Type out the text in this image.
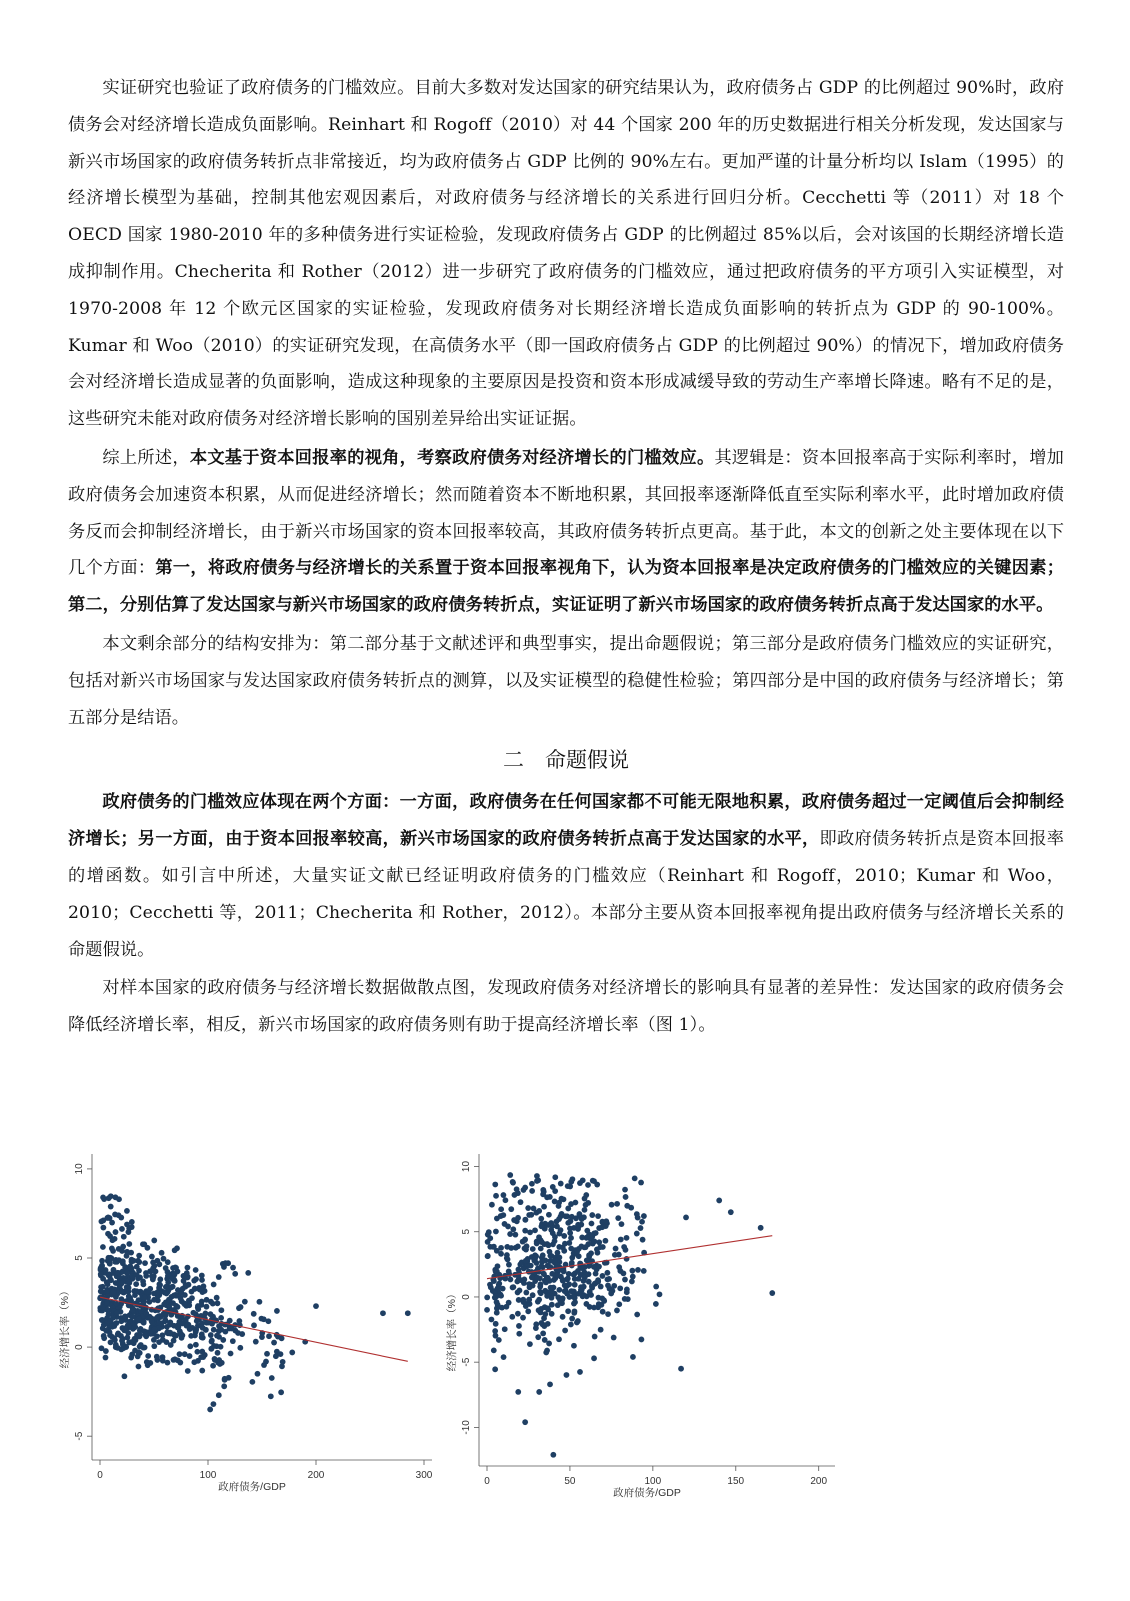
实证研究也验证了政府债务的门槛效应。目前大多数对发达国家的研究结果认为，政府债务占 GDP 的比例超过 90%时，政府债务会对经济增长造成负面影响。Reinhart 和 Rogoff（2010）对 44 个国家 200 年的历史数据进行相关分析发现，发达国家与新兴市场国家的政府债务转折点非常接近，均为政府债务占 GDP 比例的 90%左右。更加严谨的计量分析均以 Islam（1995）的经济增长模型为基础，控制其他宏观因素后，对政府债务与经济增长的关系进行回归分析。Cecchetti 等（2011）对 18 个 OECD 国家 1980-2010 年的多种债务进行实证检验，发现政府债务占 GDP 的比例超过 85%以后，会对该国的长期经济增长造成抑制作用。Checherita 和 Rother（2012）进一步研究了政府债务的门槛效应，通过把政府债务的平方项引入实证模型，对 1970-2008 年 12 个欧元区国家的实证检验，发现政府债务对长期经济增长造成负面影响的转折点为 GDP 的 90-100%。Kumar 和 Woo（2010）的实证研究发现，在高债务水平（即一国政府债务占 GDP 的比例超过 90%）的情况下，增加政府债务会对经济增长造成显著的负面影响，造成这种现象的主要原因是投资和资本形成减缓导致的劳动生产率增长降速。略有不足的是，这些研究未能对政府债务对经济增长影响的国别差异给出实证证据。

综上所述，本文基于资本回报率的视角，考察政府债务对经济增长的门槛效应。其逻辑是：资本回报率高于实际利率时，增加政府债务会加速资本积累，从而促进经济增长；然而随着资本不断地积累，其回报率逐渐降低直至实际利率水平，此时增加政府债务反而会抑制经济增长，由于新兴市场国家的资本回报率较高，其政府债务转折点更高。基于此，本文的创新之处主要体现在以下几个方面：第一，将政府债务与经济增长的关系置于资本回报率视角下，认为资本回报率是决定政府债务的门槛效应的关键因素；第二，分别估算了发达国家与新兴市场国家的政府债务转折点，实证证明了新兴市场国家的政府债务转折点高于发达国家的水平。

本文剩余部分的结构安排为：第二部分基于文献述评和典型事实，提出命题假说；第三部分是政府债务门槛效应的实证研究，包括对新兴市场国家与发达国家政府债务转折点的测算，以及实证模型的稳健性检验；第四部分是中国的政府债务与经济增长；第五部分是结语。

二　命题假说

政府债务的门槛效应体现在两个方面：一方面，政府债务在任何国家都不可能无限地积累，政府债务超过一定阈值后会抑制经济增长；另一方面，由于资本回报率较高，新兴市场国家的政府债务转折点高于发达国家的水平，即政府债务转折点是资本回报率的增函数。如引言中所述，大量实证文献已经证明政府债务的门槛效应（Reinhart 和 Rogoff，2010；Kumar 和 Woo，2010；Cecchetti 等，2011；Checherita 和 Rother，2012）。本部分主要从资本回报率视角提出政府债务与经济增长关系的命题假说。

对样本国家的政府债务与经济增长数据做散点图，发现政府债务对经济增长的影响具有显著的差异性：发达国家的政府债务会降低经济增长率，相反，新兴市场国家的政府债务则有助于提高经济增长率（图 1）。

0	100	200	300
-5
0
5
10
政府债务/GDP
经济增长率（%）
0	50	100	150	200
-10
-5
0
5
10
政府债务/GDP
经济增长率（%）
